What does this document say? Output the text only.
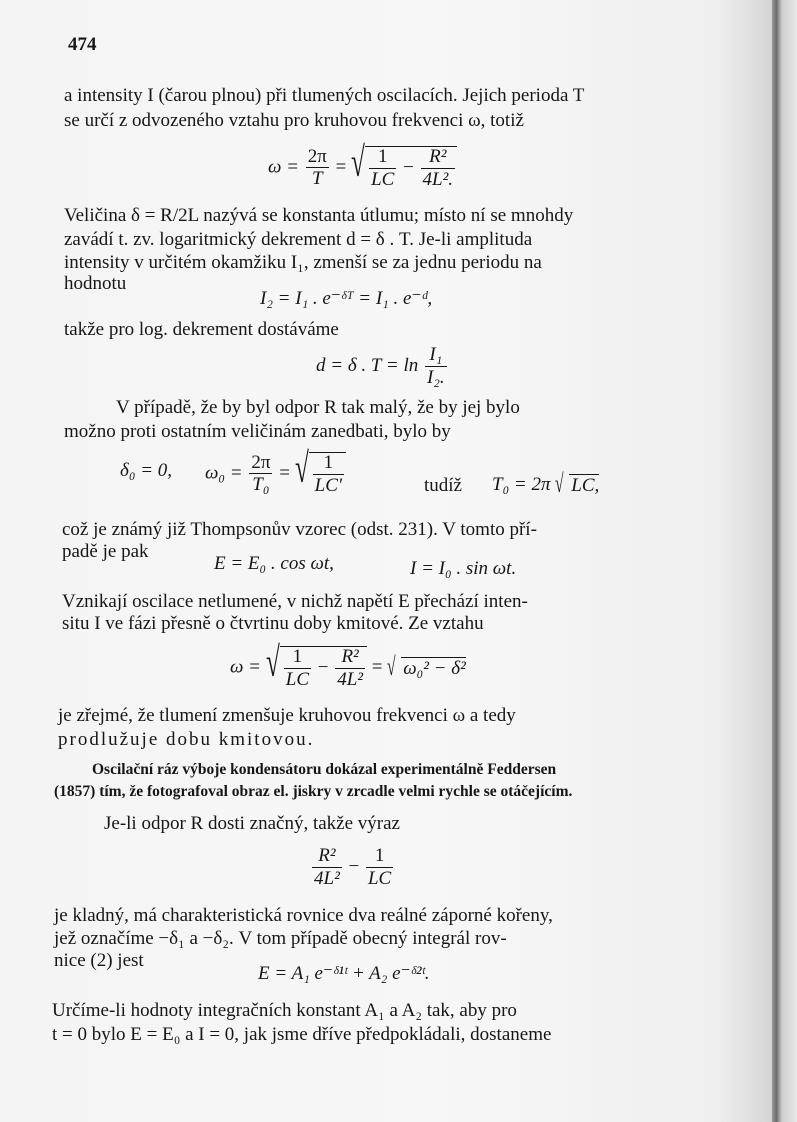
474
a intensity I (čarou plnou) při tlumených oscilacích. Jejich perioda T
se určí z odvozeného vztahu pro kruhovou frekvenci ω, totiž
$\omega = \frac{2\pi}{T}$ = √ $\frac{1}{LC} - \frac{\text{R²}}{\text{4L².}}$
Veličina δ = R/2L nazývá se konstanta útlumu; místo ní se mnohdy
zavádí t. zv. logaritmický dekrement d = δ . T. Je-li amplituda
intensity v určitém okamžiku I₁, zmenší se za jednu periodu na
hodnotu
I₂ = I₁ . e⁻ᵟᵀ = I₁ . e⁻ᵈ,
takže pro log. dekrement dostáváme
d = δ . $T = \ln \frac{\text{I₁}}{\text{I₂.}}$
V případě, že by byl odpor R tak malý, že by jej bylo
možno proti ostatním veličinám zanedbati, bylo by
δ₀ = 0, $\omega_0 = \frac{2\pi}{\text{T₀}}$ = √ $\frac{1}{LC'}$	tudíž T₀ = 2π √ LC,
což je známý již Thompsonův vzorec (odst. 231). V tomto pří-
padě je pak
E = E₀ . cos ωt,	I = I₀ . sin ωt.
Vznikají oscilace netlumené, v nichž napětí E přechází inten-
situ I ve fázi přesně o čtvrtinu doby kmitové. Ze vztahu
ω = √ $\frac{1}{LC} - \frac{\text{R²}}{\text{4L²}}$ = √ ω₀² − δ²
je zřejmé, že tlumení zmenšuje kruhovou frekvenci ω a tedy
prodlužuje dobu kmitovou.
Oscilační ráz výboje kondensátoru dokázal experimentálně Feddersen
(1857) tím, že fotografoval obraz el. jiskry v zrcadle velmi rychle se otáčejícím.
Je-li odpor R dosti značný, takže výraz
$\frac{\text{R²}}{\text{4L²}} - \frac{1}{LC}$
je kladný, má charakteristická rovnice dva reálné záporné kořeny,
jež označíme −δ₁ a −δ₂. V tom případě obecný integrál rov-
nice (2) jest
E = A₁ e⁻ᵟ¹ᵗ + A₂ e⁻ᵟ²ᵗ.
Určíme-li hodnoty integračních konstant A₁ a A₂ tak, aby pro
t = 0 bylo E = E₀ a I = 0, jak jsme dříve předpokládali, dostaneme
